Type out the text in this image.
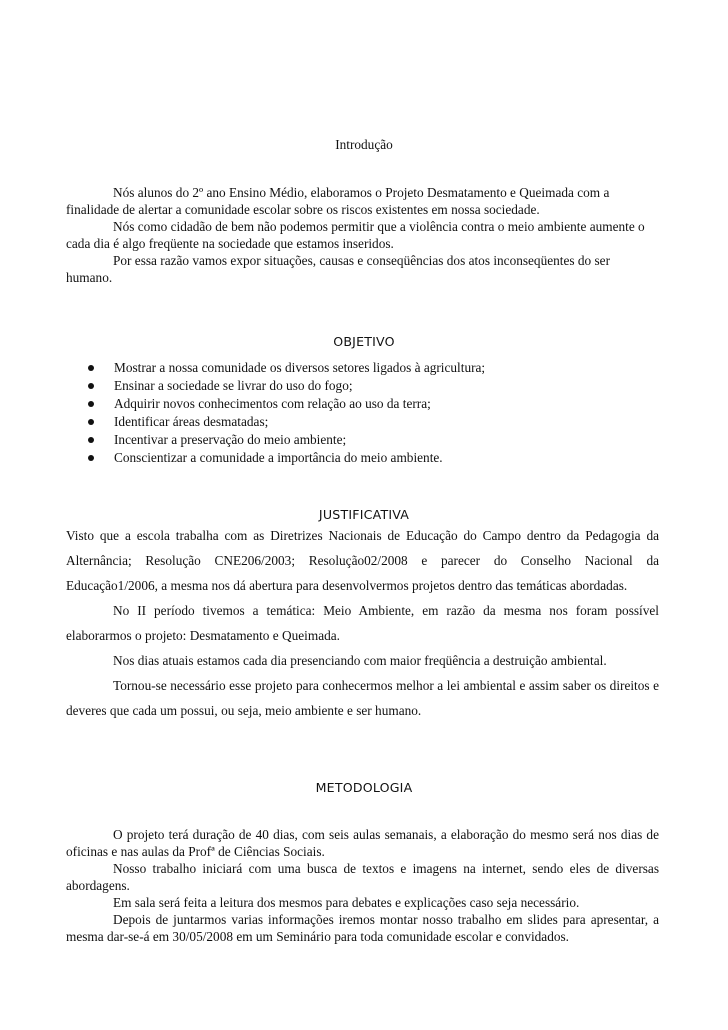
Introdução

Nós alunos do 2º ano Ensino Médio, elaboramos o Projeto Desmatamento e Queimada com a finalidade de alertar a comunidade escolar sobre os riscos existentes em nossa sociedade.

Nós como cidadão de bem não podemos permitir que a violência contra o meio ambiente aumente o cada dia é algo freqüente na sociedade que estamos inseridos.

Por essa razão vamos expor situações, causas e conseqüências dos atos inconseqüentes do ser humano.

OBJETIVO
Mostrar a nossa comunidade os diversos setores ligados à agricultura;
Ensinar a sociedade se livrar do uso do fogo;
Adquirir novos conhecimentos com relação ao uso da terra;
Identificar áreas desmatadas;
Incentivar a preservação do meio ambiente;
Conscientizar a comunidade a importância do meio ambiente.
JUSTIFICATIVA

Visto que a escola trabalha com as Diretrizes Nacionais de Educação do Campo dentro da Pedagogia da Alternância; Resolução CNE206/2003; Resolução02/2008 e parecer do Conselho Nacional da Educação1/2006, a mesma nos dá abertura para desenvolvermos projetos dentro das temáticas abordadas.

No II período tivemos a temática: Meio Ambiente, em razão da mesma nos foram possível elaborarmos o projeto: Desmatamento e Queimada.

Nos dias atuais estamos cada dia presenciando com maior freqüência a destruição ambiental.

Tornou-se necessário esse projeto para conhecermos melhor a lei ambiental e assim saber os direitos e deveres que cada um possui, ou seja, meio ambiente e ser humano.

METODOLOGIA

O projeto terá duração de 40 dias, com seis aulas semanais, a elaboração do mesmo será nos dias de oficinas e nas aulas da Profª de Ciências Sociais.

Nosso trabalho iniciará com uma busca de textos e imagens na internet, sendo eles de diversas abordagens.

Em sala será feita a leitura dos mesmos para debates e explicações caso seja necessário.

Depois de juntarmos varias informações iremos montar nosso trabalho em slides para apresentar, a mesma dar-se-á em 30/05/2008 em um Seminário para toda comunidade escolar e convidados.
